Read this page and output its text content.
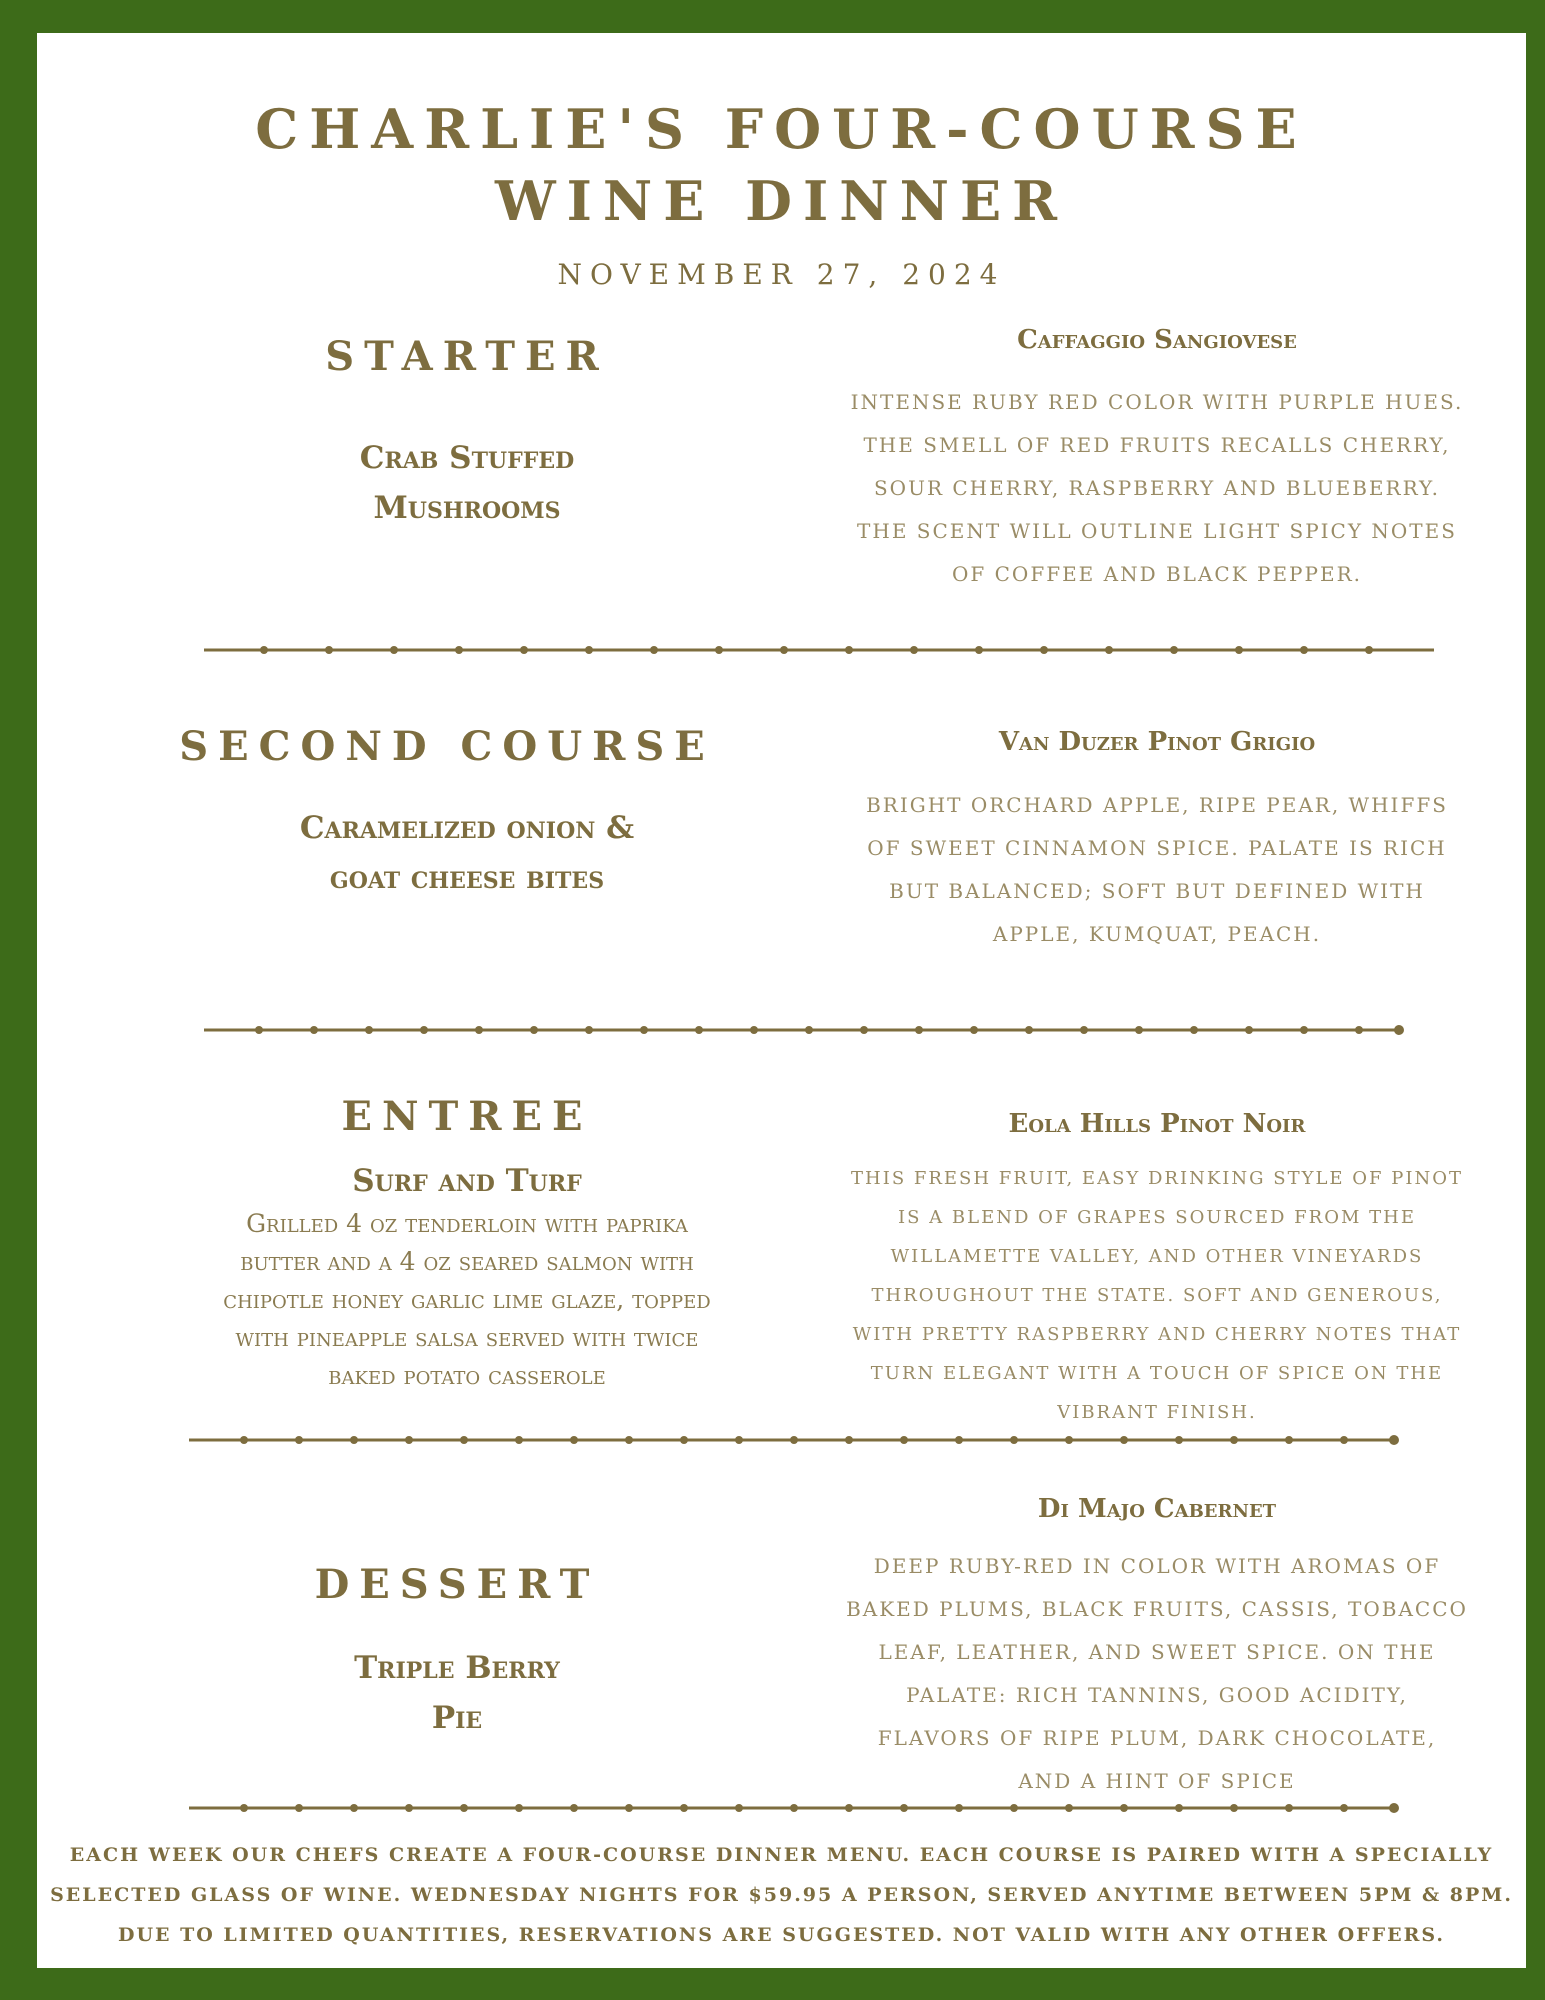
CHARLIE'S FOUR-COURSE
WINE DINNER
NOVEMBER 27, 2024
STARTER
Crab Stuffed
Mushrooms
Caffaggio Sangiovese
INTENSE RUBY RED COLOR WITH PURPLE HUES.
THE SMELL OF RED FRUITS RECALLS CHERRY,
SOUR CHERRY, RASPBERRY AND BLUEBERRY.
THE SCENT WILL OUTLINE LIGHT SPICY NOTES
OF COFFEE AND BLACK PEPPER.
SECOND COURSE
Caramelized onion &
goat cheese bites
Van Duzer Pinot Grigio
BRIGHT ORCHARD APPLE, RIPE PEAR, WHIFFS
OF SWEET CINNAMON SPICE. PALATE IS RICH
BUT BALANCED; SOFT BUT DEFINED WITH
APPLE, KUMQUAT, PEACH.
ENTREE
Surf and Turf
Grilled 4 oz tenderloin with paprika
butter and a 4 oz seared salmon with
chipotle honey garlic lime glaze, topped
with pineapple salsa served with twice
baked potato casserole
Eola Hills Pinot Noir
THIS FRESH FRUIT, EASY DRINKING STYLE OF PINOT
IS A BLEND OF GRAPES SOURCED FROM THE
WILLAMETTE VALLEY, AND OTHER VINEYARDS
THROUGHOUT THE STATE. SOFT AND GENEROUS,
WITH PRETTY RASPBERRY AND CHERRY NOTES THAT
TURN ELEGANT WITH A TOUCH OF SPICE ON THE
VIBRANT FINISH.
DESSERT
Triple Berry
Pie
Di Majo Cabernet
DEEP RUBY-RED IN COLOR WITH AROMAS OF
BAKED PLUMS, BLACK FRUITS, CASSIS, TOBACCO
LEAF, LEATHER, AND SWEET SPICE. ON THE
PALATE: RICH TANNINS, GOOD ACIDITY,
FLAVORS OF RIPE PLUM, DARK CHOCOLATE,
AND A HINT OF SPICE
EACH WEEK OUR CHEFS CREATE A FOUR-COURSE DINNER MENU. EACH COURSE IS PAIRED WITH A SPECIALLY
SELECTED GLASS OF WINE. WEDNESDAY NIGHTS FOR $59.95 A PERSON, SERVED ANYTIME BETWEEN 5PM & 8PM.
DUE TO LIMITED QUANTITIES, RESERVATIONS ARE SUGGESTED. NOT VALID WITH ANY OTHER OFFERS.
